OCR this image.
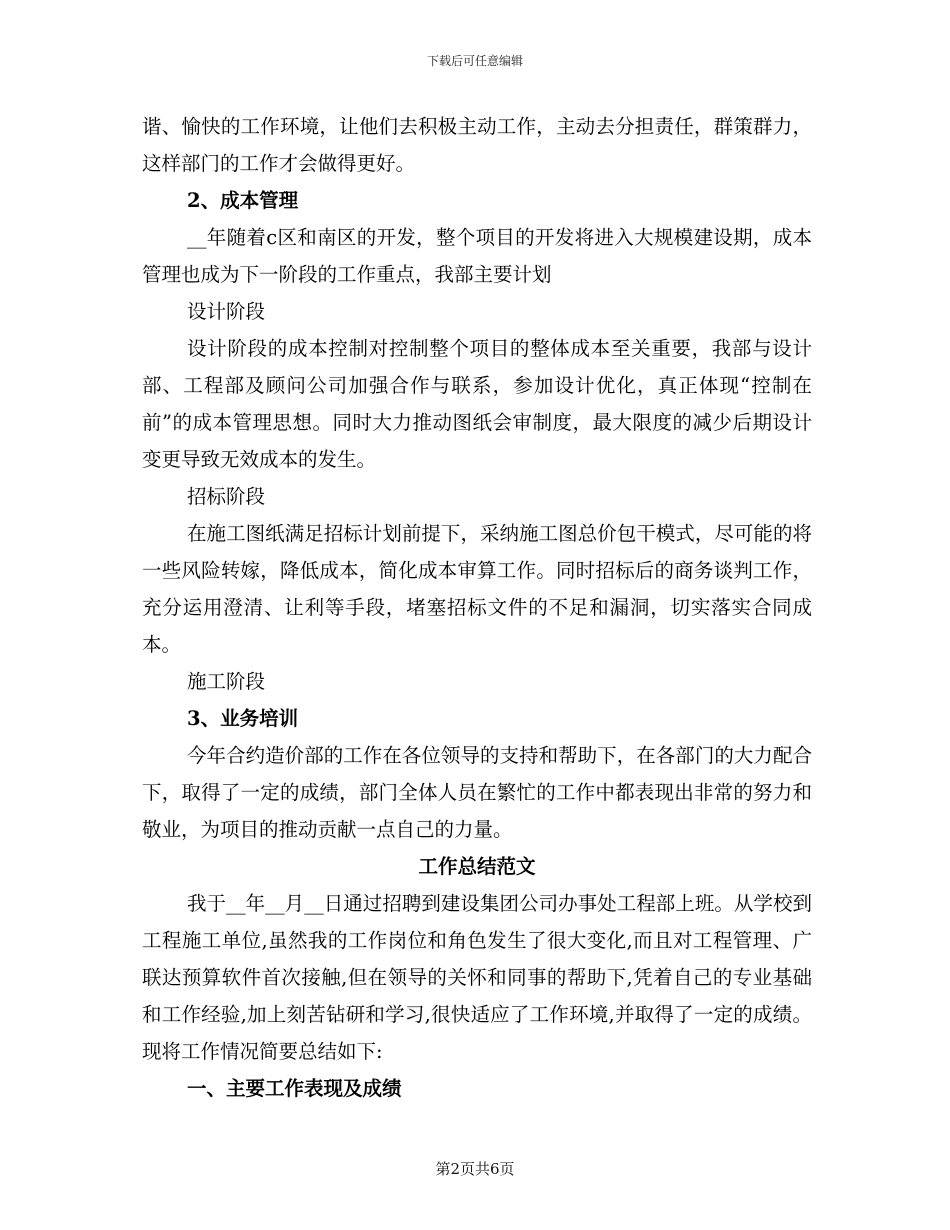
下载后可任意编辑

谐、愉快的工作环境，让他们去积极主动工作，主动去分担责任，群策群力，这样部门的工作才会做得更好。

2、成本管理

__年随着c区和南区的开发，整个项目的开发将进入大规模建设期，成本管理也成为下一阶段的工作重点，我部主要计划

设计阶段

设计阶段的成本控制对控制整个项目的整体成本至关重要，我部与设计部、工程部及顾问公司加强合作与联系，参加设计优化，真正体现“控制在前”的成本管理思想。同时大力推动图纸会审制度，最大限度的减少后期设计变更导致无效成本的发生。

招标阶段

在施工图纸满足招标计划前提下，采纳施工图总价包干模式，尽可能的将一些风险转嫁，降低成本，简化成本审算工作。同时招标后的商务谈判工作，充分运用澄清、让利等手段，堵塞招标文件的不足和漏洞，切实落实合同成本。

施工阶段

3、业务培训

今年合约造价部的工作在各位领导的支持和帮助下，在各部门的大力配合下，取得了一定的成绩，部门全体人员在繁忙的工作中都表现出非常的努力和敬业，为项目的推动贡献一点自己的力量。

工作总结范文

我于__年__月__日通过招聘到建设集团公司办事处工程部上班。从学校到工程施工单位,虽然我的工作岗位和角色发生了很大变化,而且对工程管理、广联达预算软件首次接触,但在领导的关怀和同事的帮助下,凭着自己的专业基础和工作经验,加上刻苦钻研和学习,很快适应了工作环境,并取得了一定的成绩。现将工作情况简要总结如下:

一、主要工作表现及成绩

第2页共6页
